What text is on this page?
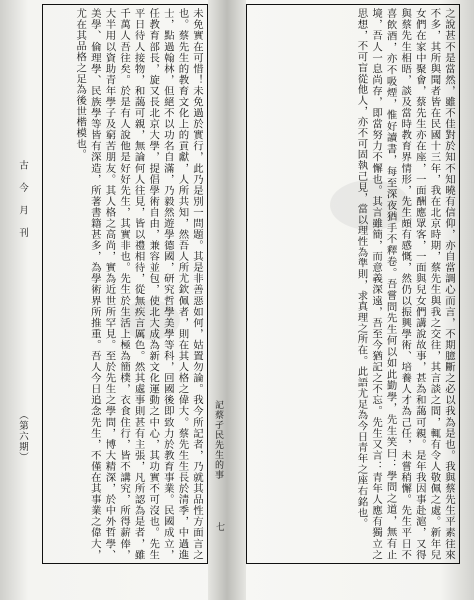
未免實在可惜！未免過於實行，此乃是別一問題。其是非善惡如何，姑置勿論。我今所記者，乃就其品性方面言之也。蔡先生的教育文化上的貢獻，人所共知，然吾人所尤欽佩者，則在其人格之偉大。蔡先生生長於清季，中過進士，點過翰林，但絕不以功名自滿，乃毅然遊學德國，研究哲學美學等科，回國後即致力於教育事業。民國成立，任教育部長，旋又長北京大學，提倡學術自由，兼容並包，使北大成為新文化運動之中心，其功實不可沒也。先生平日待人接物，和藹可親，無論何人往見，皆以禮相待，從無疾言厲色。然其處事則甚有主張，凡所認為是者，雖千萬人吾往矣。於是有人說他是好好先生，其實非也。先生於生活上極為簡樸，衣食住行，皆不講究，所得薪俸，大半用以資助青年學子及窮苦朋友。其人格之高尚，實為近世所罕見。至於先生之學問，博大精深，於中外哲學、美學、倫理學、民族學等皆有深造，所著書籍甚多，為學術界所推重。吾人今日追念先生，不僅在其事業之偉大，尤在其品格之足為後世楷模也。	之說甚不是當然，雖不佳對於知不知曉有信仰，亦自當調心而言，不期臆斷之必以我為是也。我與蔡先生平素往來不多，其所與聞者皆在民國十三年，我在北京時期，蔡先生與我之交往，其言談之間，輒有令人敬佩之處。新年兒女們在家中聚會，蔡先生亦在座，一面酬應眾客，一面與兒女們講說故事，甚為和藹可親。是年我因事赴滬，又得與蔡先生相晤，談及當時教育界情形，先生頗有感慨，然仍以振興學術、培養人才為己任，未嘗稍懈。先生平日不喜飲酒，亦不吸煙，惟好讀書，每至深夜猶手不釋卷。吾嘗問先生何以如此勤學，先生笑曰：學問之道，無有止境，吾人一息尚存，即當努力不懈也。其言雖簡，而意義深遠，吾至今猶記之不忘。先生又言：青年人應有獨立之思想，不可盲從他人，亦不可固執己見，當以理性為準則，求真理之所在。此語尤足為今日青年之座右銘也。
古 今 月 刊
（第六期）	記蔡孑民先生的事
七
